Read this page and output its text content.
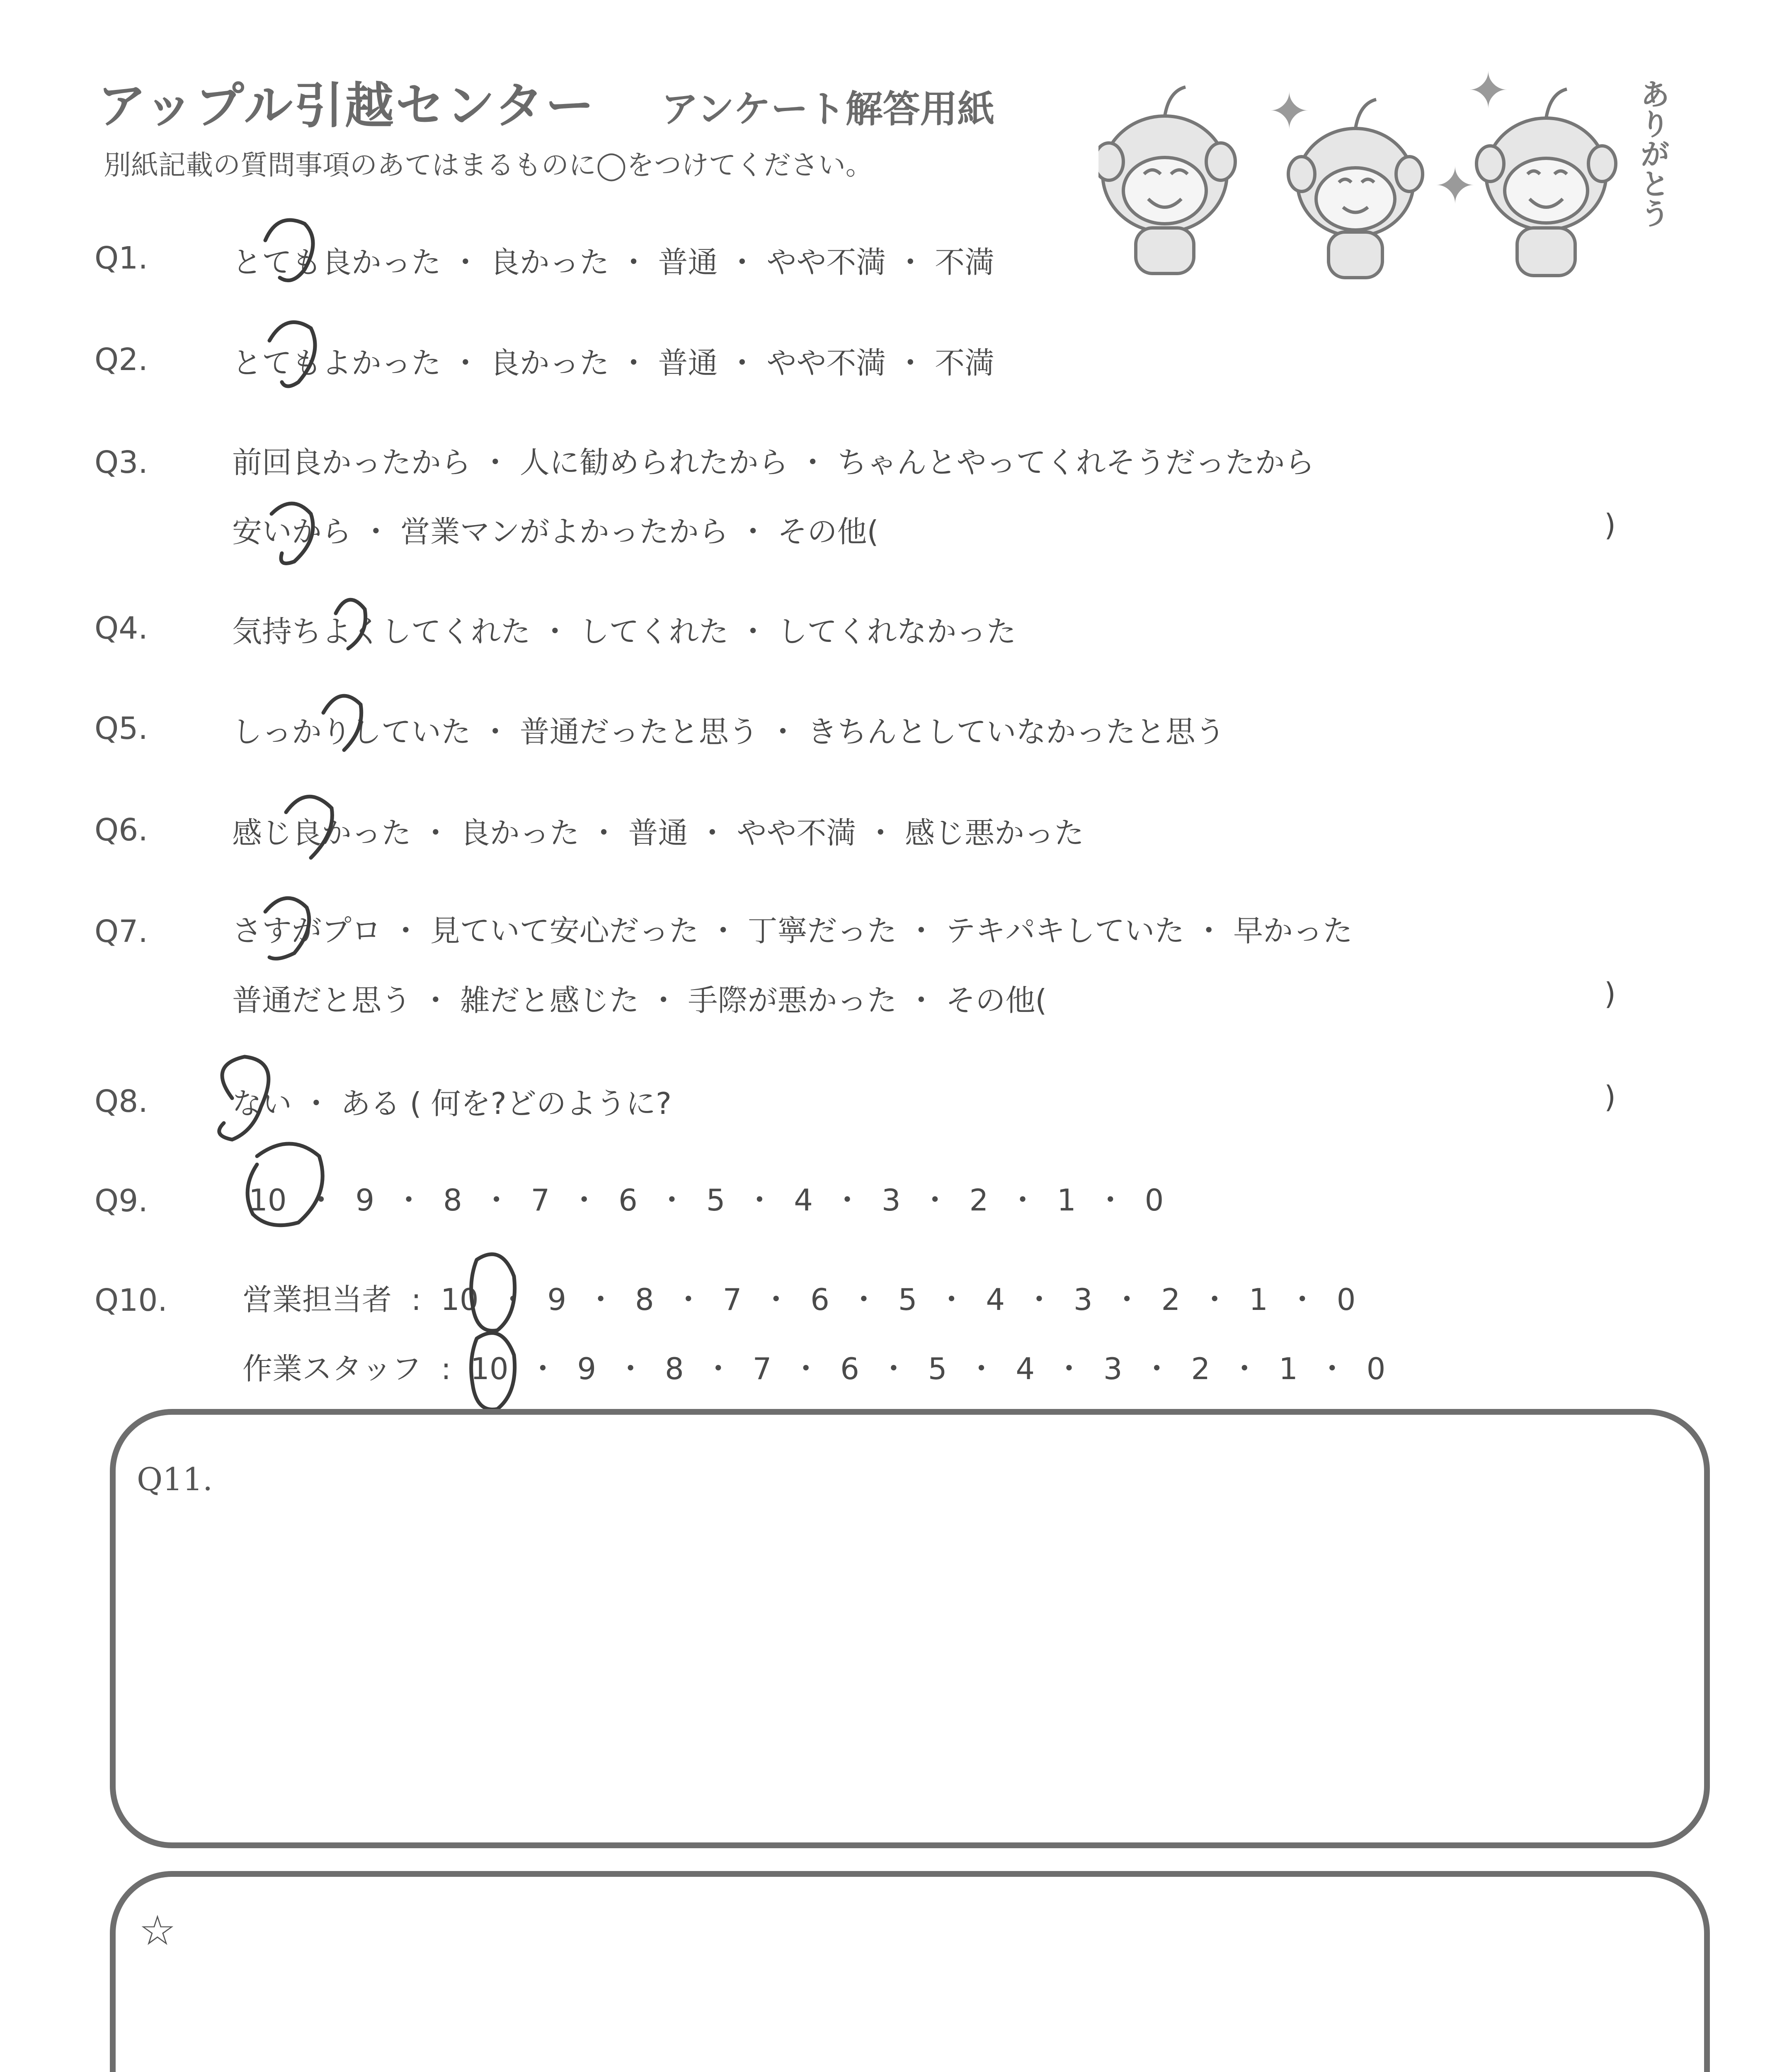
アップル引越センター アンケート解答用紙
別紙記載の質問事項のあてはまるものに◯をつけてください。
✦
✦
✦	ありがとう
Q1.	とても良かった ・ 良かった ・ 普通 ・ やや不満 ・ 不満
Q2.	とてもよかった ・ 良かった ・ 普通 ・ やや不満 ・ 不満
Q3.	前回良かったから ・ 人に勧められたから ・ ちゃんとやってくれそうだったから
安いから ・ 営業マンがよかったから ・ その他(	)
Q4.	気持ちよくしてくれた ・ してくれた ・ してくれなかった
Q5.	しっかりしていた ・ 普通だったと思う ・ きちんとしていなかったと思う
Q6.	感じ良かった ・ 良かった ・ 普通 ・ やや不満 ・ 感じ悪かった
Q7.	さすがプロ ・ 見ていて安心だった ・ 丁寧だった ・ テキパキしていた ・ 早かった
普通だと思う ・ 雑だと感じた ・ 手際が悪かった ・ その他(	)
Q8.	ない ・ ある ( 何を?どのように?	)
Q9.	10 ・ 9 ・ 8 ・ 7 ・ 6 ・ 5 ・ 4 ・ 3 ・ 2 ・ 1 ・ 0
Q10.	営業担当者 : 10 ・ 9 ・ 8 ・ 7 ・ 6 ・ 5 ・ 4 ・ 3 ・ 2 ・ 1 ・ 0
作業スタッフ : 10 ・ 9 ・ 8 ・ 7 ・ 6 ・ 5 ・ 4 ・ 3 ・ 2 ・ 1 ・ 0
Q11.
☆
